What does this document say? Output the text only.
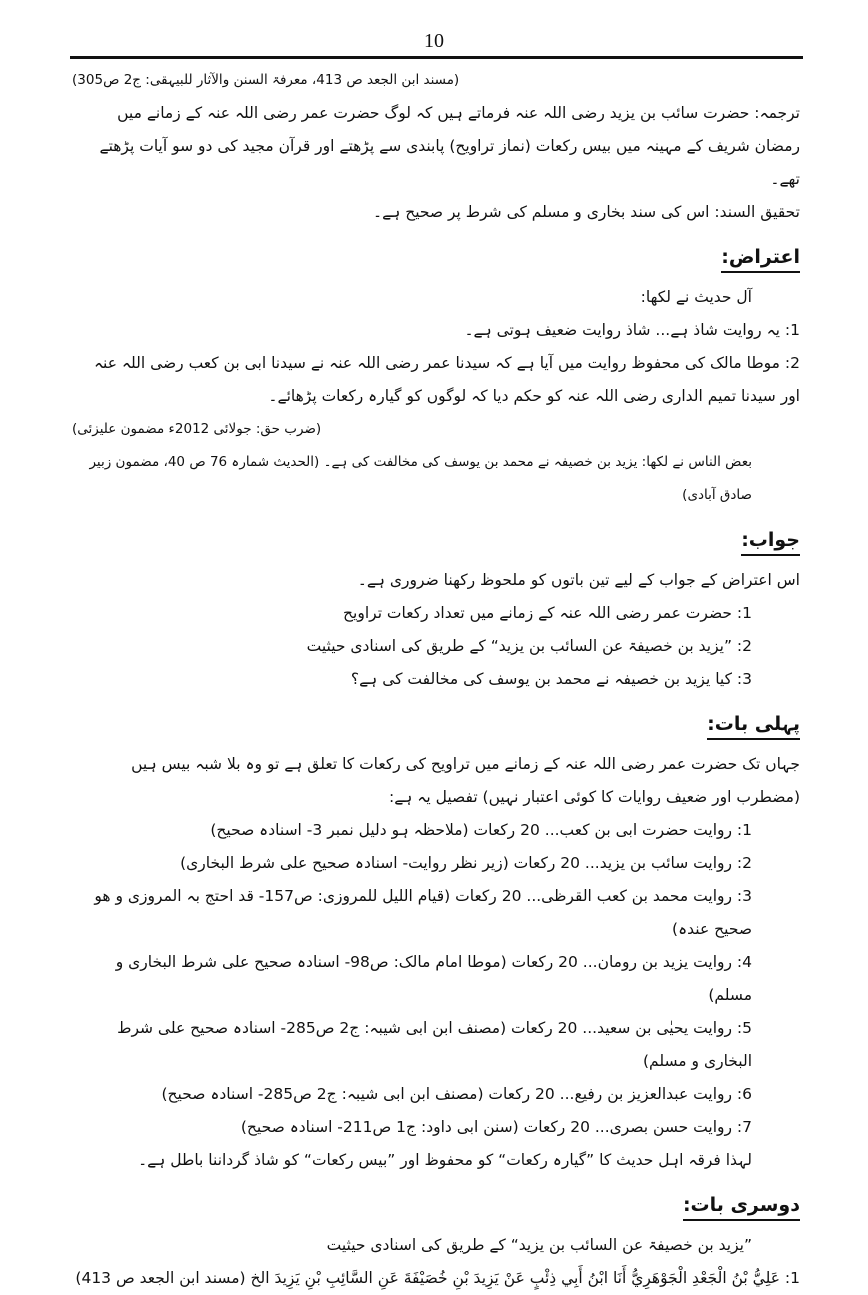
10

(مسند ابن الجعد ص 413، معرفۃ السنن والآثار للبیہقی: ج2 ص305)

ترجمہ: حضرت سائب بن یزید رضی اللہ عنہ فرماتے ہیں کہ لوگ حضرت عمر رضی اللہ عنہ کے زمانے میں رمضان شریف کے مہینہ میں بیس رکعات (نماز تراویح) پابندی سے پڑھتے اور قرآن مجید کی دو سو آیات پڑھتے تھے۔

تحقیق السند: اس کی سند بخاری و مسلم کی شرط پر صحیح ہے۔

اعتراض:

آل حدیث نے لکھا:

1: یہ روایت شاذ ہے... شاذ روایت ضعیف ہوتی ہے۔

2: موطا مالک کی محفوظ روایت میں آیا ہے کہ سیدنا عمر رضی اللہ عنہ نے سیدنا ابی بن کعب رضی اللہ عنہ اور سیدنا تمیم الداری رضی اللہ عنہ کو حکم دیا کہ لوگوں کو گیارہ رکعات پڑھائے۔

(ضرب حق: جولائی 2012ء مضمون علیزئی)

بعض الناس نے لکھا: یزید بن خصیفہ نے محمد بن یوسف کی مخالفت کی ہے۔ (الحدیث شمارہ 76 ص 40، مضمون زبیر صادق آبادی)

جواب:

اس اعتراض کے جواب کے لیے تین باتوں کو ملحوظ رکھنا ضروری ہے۔

1: حضرت عمر رضی اللہ عنہ کے زمانے میں تعداد رکعات تراویح

2: ”یزید بن خصیفۃ عن السائب بن یزید“ کے طریق کی اسنادی حیثیت

3: کیا یزید بن خصیفہ نے محمد بن یوسف کی مخالفت کی ہے؟

پہلی بات:

جہاں تک حضرت عمر رضی اللہ عنہ کے زمانے میں تراویح کی رکعات کا تعلق ہے تو وہ بلا شبہ بیس ہیں (مضطرب اور ضعیف روایات کا کوئی اعتبار نہیں) تفصیل یہ ہے:

1: روایت حضرت ابی بن کعب... 20 رکعات (ملاحظہ ہو دلیل نمبر 3- اسنادہ صحیح)
2: روایت سائب بن یزید... 20 رکعات (زیر نظر روایت- اسنادہ صحیح علی شرط البخاری)
3: روایت محمد بن کعب القرظی... 20 رکعات (قیام اللیل للمروزی: ص157- قد احتج بہ المروزی و ھو صحیح عندہ)
4: روایت یزید بن رومان... 20 رکعات (موطا امام مالک: ص98- اسنادہ صحیح علی شرط البخاری و مسلم)
5: روایت یحیٰی بن سعید... 20 رکعات (مصنف ابن ابی شیبہ: ج2 ص285- اسنادہ صحیح علی شرط البخاری و مسلم)
6: روایت عبدالعزیز بن رفیع... 20 رکعات (مصنف ابن ابی شیبہ: ج2 ص285- اسنادہ صحیح)
7: روایت حسن بصری... 20 رکعات (سنن ابی داود: ج1 ص211- اسنادہ صحیح)

لہذا فرقہ اہل حدیث کا ”گیارہ رکعات“ کو محفوظ اور ”بیس رکعات“ کو شاذ گرداننا باطل ہے۔

دوسری بات:

”یزید بن خصیفۃ عن السائب بن یزید“ کے طریق کی اسنادی حیثیت

1: عَلِيُّ بْنُ الْجَعْدِ الْجَوْهَرِيُّ أَنَا ابْنُ أَبِي ذِئْبٍ عَنْ يَزِيدَ بْنِ خُصَيْفَةَ عَنِ السَّائِبِ بْنِ يَزِيدَ الخ (مسند ابن الجعد ص 413)
